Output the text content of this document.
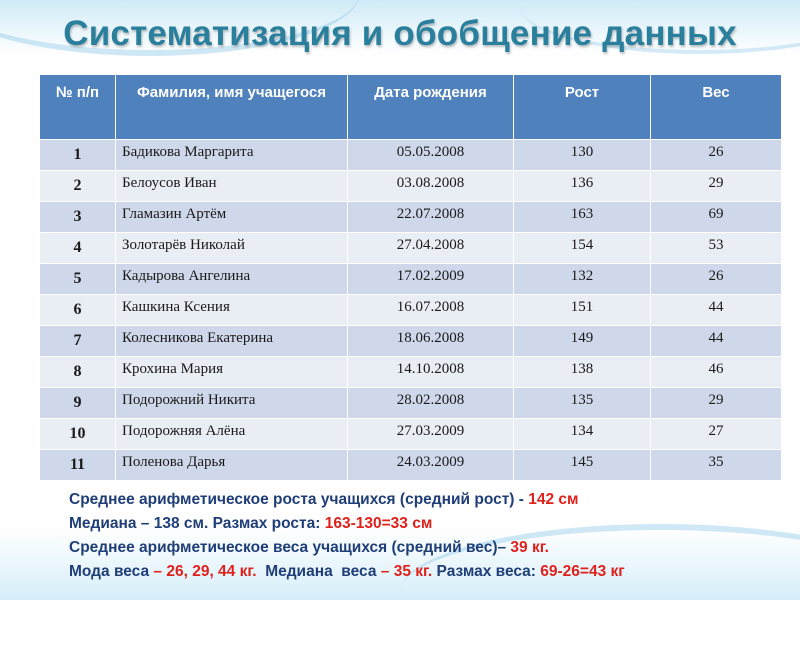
Систематизация и обобщение данных
№ п/п	Фамилия, имя учащегося	Дата рождения	Рост	Вес
1	Бадикова Маргарита	05.05.2008	130	26
2	Белоусов Иван	03.08.2008	136	29
3	Гламазин Артём	22.07.2008	163	69
4	Золотарёв Николай	27.04.2008	154	53
5	Кадырова Ангелина	17.02.2009	132	26
6	Кашкина Ксения	16.07.2008	151	44
7	Колесникова Екатерина	18.06.2008	149	44
8	Крохина Мария	14.10.2008	138	46
9	Подорожний Никита	28.02.2008	135	29
10	Подорожняя Алёна	27.03.2009	134	27
11	Поленова Дарья	24.03.2009	145	35
Среднее арифметическое роста учащихся (средний рост) - 142 см
Медиана – 138 см. Размах роста: 163-130=33 см
Среднее арифметическое веса учащихся (средний вес)– 39 кг.
Мода веса – 26, 29, 44 кг.  Медиана  веса – 35 кг. Размах веса: 69-26=43 кг
